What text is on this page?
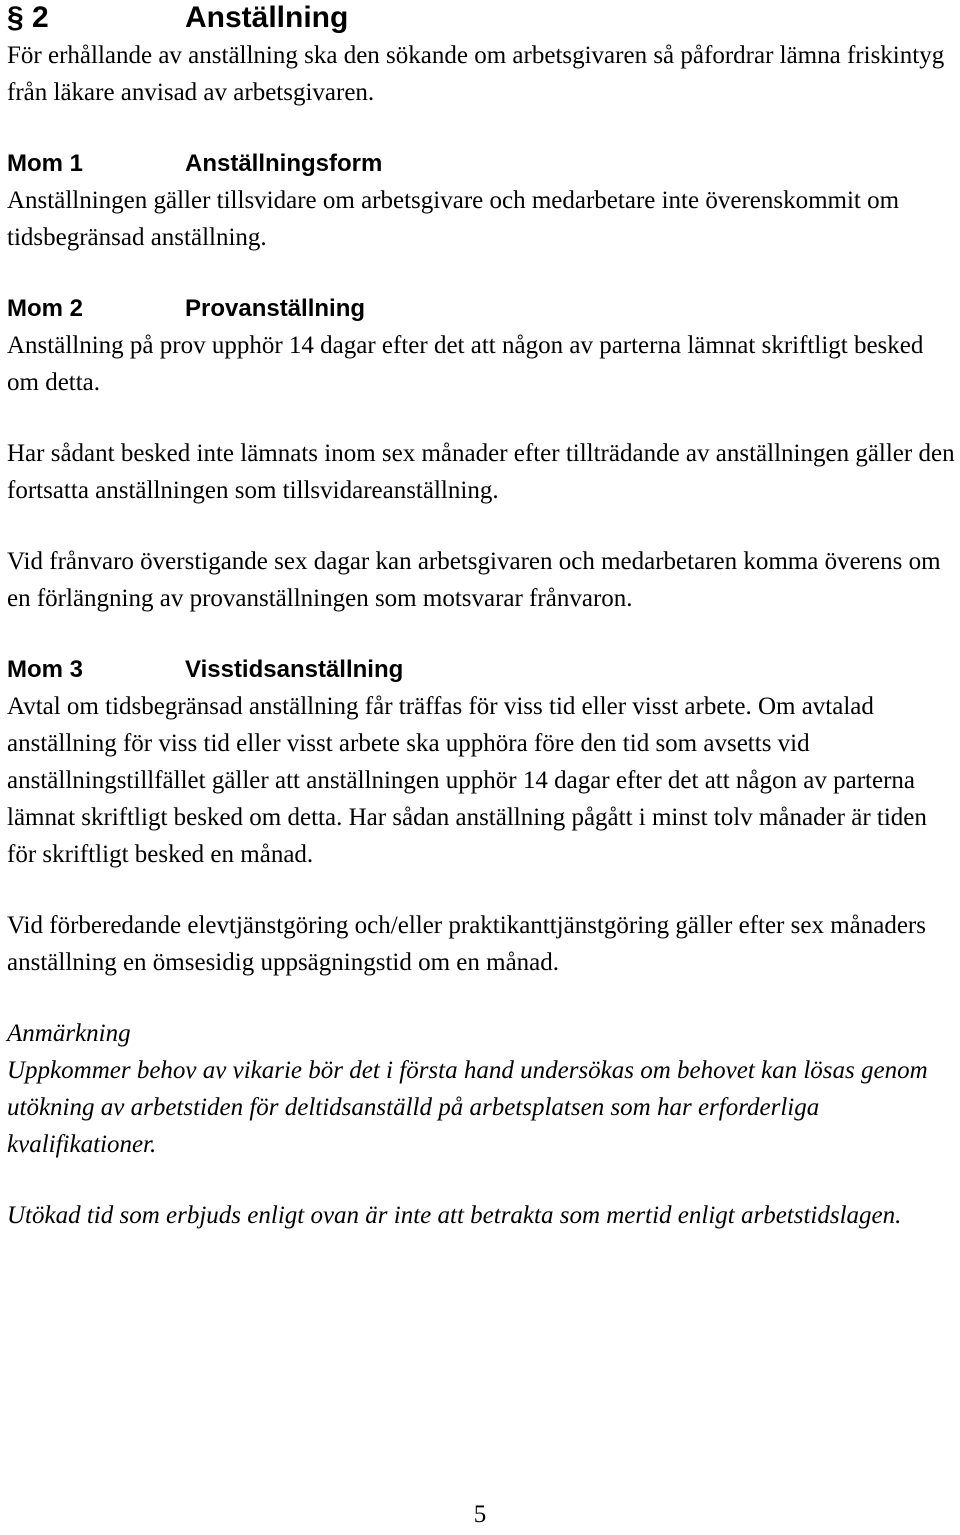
§ 2	Anställning

För erhållande av anställning ska den sökande om arbetsgivaren så påfordrar lämna friskintyg från läkare anvisad av arbetsgivaren.

Mom 1	Anställningsform

Anställningen gäller tillsvidare om arbetsgivare och medarbetare inte överenskommit om tidsbegränsad anställning.

Mom 2	Provanställning

Anställning på prov upphör 14 dagar efter det att någon av parterna lämnat skriftligt besked om detta.

Har sådant besked inte lämnats inom sex månader efter tillträdande av anställningen gäller den fortsatta anställningen som tillsvidareanställning.

Vid frånvaro överstigande sex dagar kan arbetsgivaren och medarbetaren komma överens om en förlängning av provanställningen som motsvarar frånvaron.

Mom 3	Visstidsanställning

Avtal om tidsbegränsad anställning får träffas för viss tid eller visst arbete. Om avtalad anställning för viss tid eller visst arbete ska upphöra före den tid som avsetts vid anställningstillfället gäller att anställningen upphör 14 dagar efter det att någon av parterna lämnat skriftligt besked om detta. Har sådan anställning pågått i minst tolv månader är tiden för skriftligt besked en månad.

Vid förberedande elevtjänstgöring och/eller praktikanttjänstgöring gäller efter sex månaders anställning en ömsesidig uppsägningstid om en månad.

Anmärkning

Uppkommer behov av vikarie bör det i första hand undersökas om behovet kan lösas genom utökning av arbetstiden för deltidsanställd på arbetsplatsen som har erforderliga kvalifikationer.

Utökad tid som erbjuds enligt ovan är inte att betrakta som mertid enligt arbetstidslagen.

5
